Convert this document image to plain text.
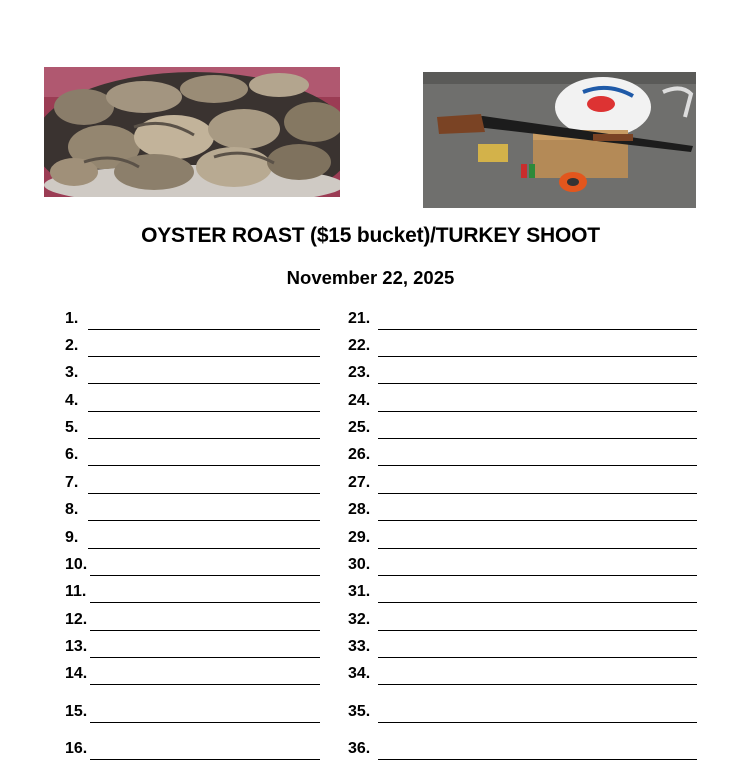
OYSTER ROAST ($15 bucket)/TURKEY SHOOT
November 22, 2025
1.
2.
3.
4.
5.
6.
7.
8.
9.
10.
11.
12.
13.
14.
15.
16.
21.
22.
23.
24.
25.
26.
27.
28.
29.
30.
31.
32.
33.
34.
35.
36.
